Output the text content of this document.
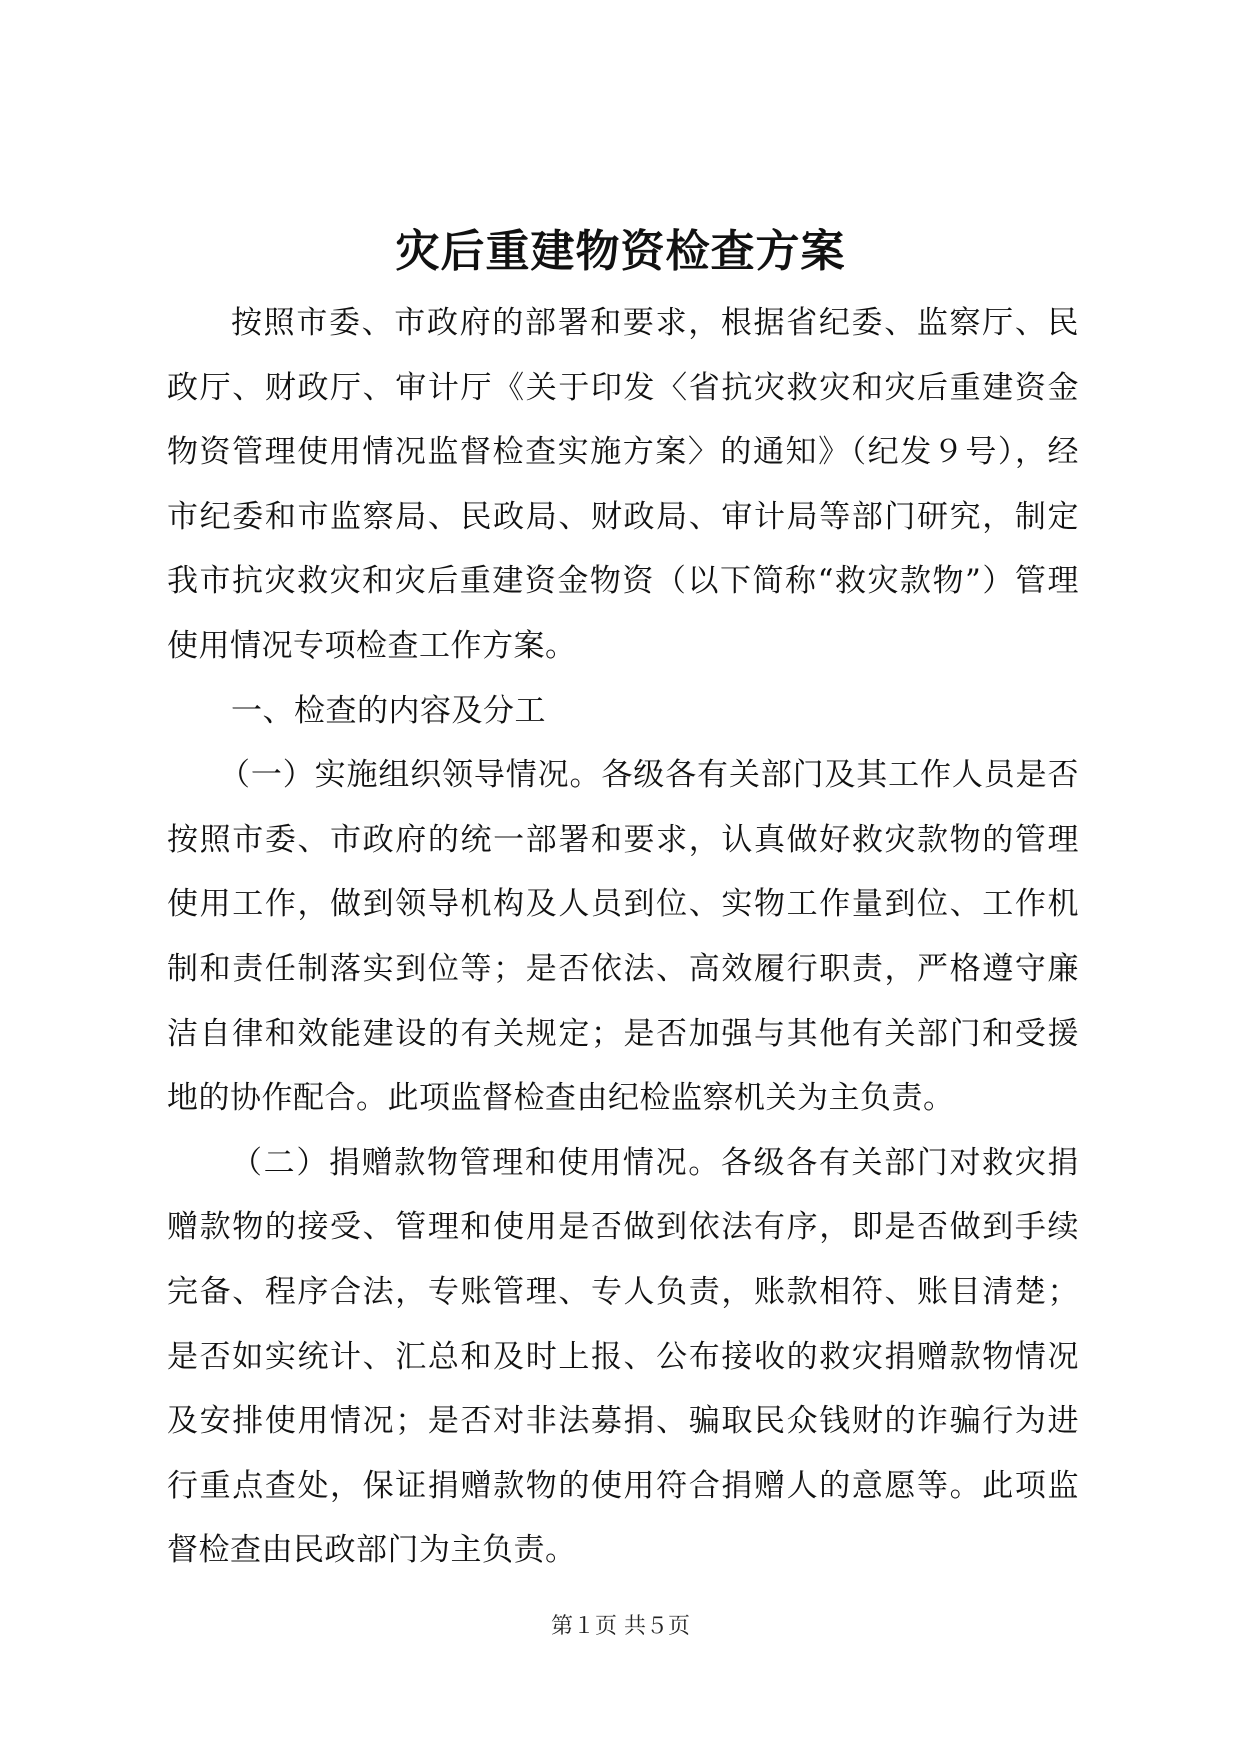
灾后重建物资检查方案

按照市委、市政府的部署和要求，根据省纪委、监察厅、民政厅、财政厅、审计厅《关于印发〈省抗灾救灾和灾后重建资金物资管理使用情况监督检查实施方案〉的通知》（纪发９号），经市纪委和市监察局、民政局、财政局、审计局等部门研究，制定我市抗灾救灾和灾后重建资金物资（以下简称“救灾款物”）管理使用情况专项检查工作方案。

一、检查的内容及分工

（一）实施组织领导情况。各级各有关部门及其工作人员是否按照市委、市政府的统一部署和要求，认真做好救灾款物的管理使用工作，做到领导机构及人员到位、实物工作量到位、工作机制和责任制落实到位等；是否依法、高效履行职责，严格遵守廉洁自律和效能建设的有关规定；是否加强与其他有关部门和受援地的协作配合。此项监督检查由纪检监察机关为主负责。

（二）捐赠款物管理和使用情况。各级各有关部门对救灾捐赠款物的接受、管理和使用是否做到依法有序，即是否做到手续完备、程序合法，专账管理、专人负责，账款相符、账目清楚；是否如实统计、汇总和及时上报、公布接收的救灾捐赠款物情况及安排使用情况；是否对非法募捐、骗取民众钱财的诈骗行为进行重点查处，保证捐赠款物的使用符合捐赠人的意愿等。此项监督检查由民政部门为主负责。

第１页 共５页
